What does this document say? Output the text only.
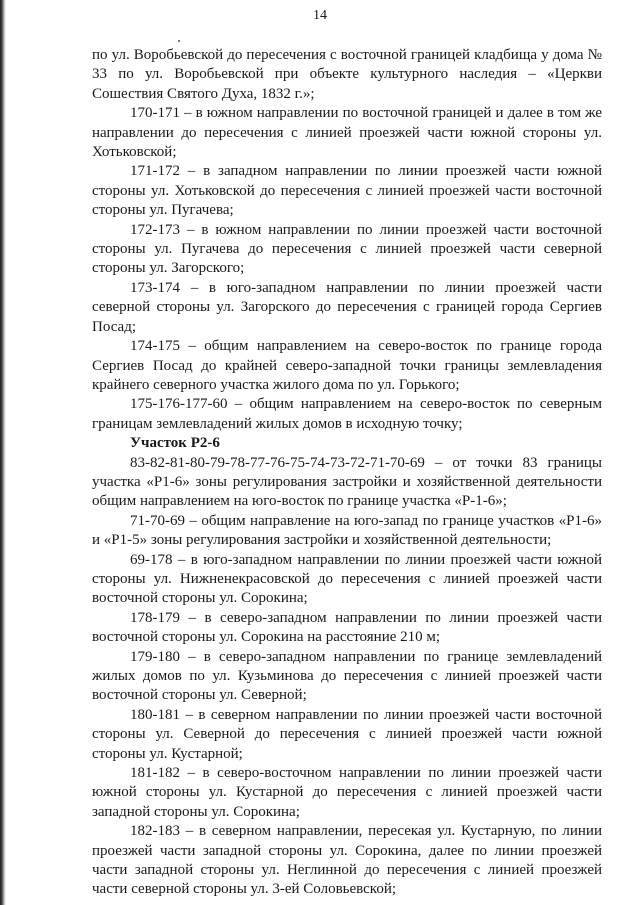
14

по ул. Воробьевской до пересечения с восточной границей кладбища у дома № 33 по ул. Воробьевской при объекте культурного наследия – «Церкви Сошествия Святого Духа, 1832 г.»;

170-171 – в южном направлении по восточной границей и далее в том же направлении до пересечения с линией проезжей части южной стороны ул. Хотьковской;

171-172 – в западном направлении по линии проезжей части южной стороны ул. Хотьковской до пересечения с линией проезжей части восточной стороны ул. Пугачева;

172-173 – в южном направлении по линии проезжей части восточной стороны ул. Пугачева до пересечения с линией проезжей части северной стороны ул. Загорского;

173-174 – в юго-западном направлении по линии проезжей части северной стороны ул. Загорского до пересечения с границей города Сергиев Посад;

174-175 – общим направлением на северо-восток по границе города Сергиев Посад до крайней северо-западной точки границы землевладения крайнего северного участка жилого дома по ул. Горького;

175-176-177-60 – общим направлением на северо-восток по северным границам землевладений жилых домов в исходную точку;

Участок Р2-6

83-82-81-80-79-78-77-76-75-74-73-72-71-70-69 – от точки 83 границы участка «Р1-6» зоны регулирования застройки и хозяйственной деятельности общим направлением на юго-восток по границе участка «Р-1-6»;

71-70-69 – общим направление на юго-запад по границе участков «Р1-6» и «Р1-5» зоны регулирования застройки и хозяйственной деятельности;

69-178 – в юго-западном направлении по линии проезжей части южной стороны ул. Нижненекрасовской до пересечения с линией проезжей части восточной стороны ул. Сорокина;

178-179 – в северо-западном направлении по линии проезжей части восточной стороны ул. Сорокина на расстояние 210 м;

179-180 – в северо-западном направлении по границе землевладений жилых домов по ул. Кузьминова до пересечения с линией проезжей части восточной стороны ул. Северной;

180-181 – в северном направлении по линии проезжей части восточной стороны ул. Северной до пересечения с линией проезжей части южной стороны ул. Кустарной;

181-182 – в северо-восточном направлении по линии проезжей части южной стороны ул. Кустарной до пересечения с линией проезжей части западной стороны ул. Сорокина;

182-183 – в северном направлении, пересекая ул. Кустарную, по линии проезжей части западной стороны ул. Сорокина, далее по линии проезжей части западной стороны ул. Неглинной до пересечения с линией проезжей части северной стороны ул. 3-ей Соловьевской;
